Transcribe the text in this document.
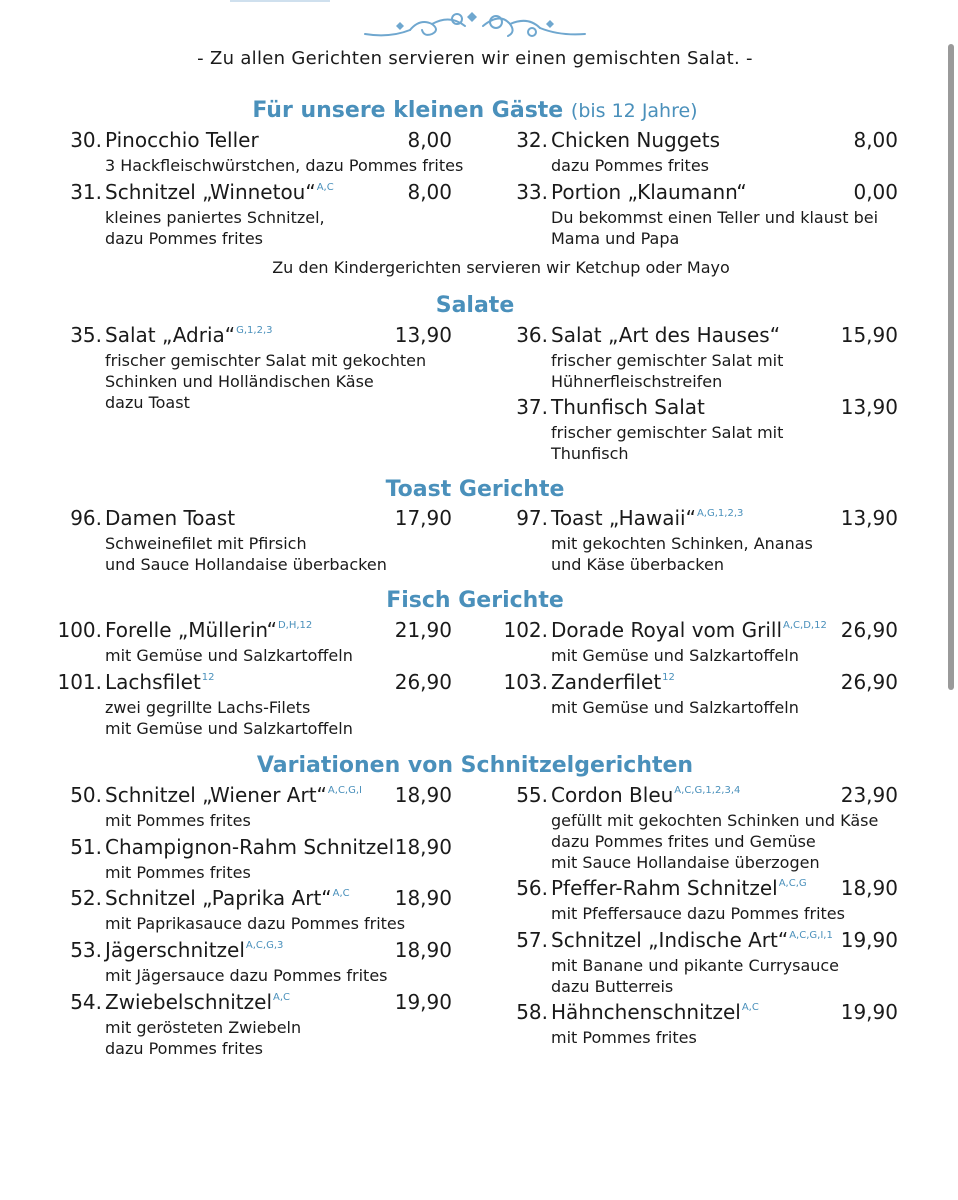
- Zu allen Gerichten servieren wir einen gemischten Salat. -
Für unsere kleinen Gäste (bis 12 Jahre)
Zu den Kindergerichten servieren wir Ketchup oder Mayo
Salate
Toast Gerichte
Fisch Gerichte
Variationen von Schnitzelgerichten
30. Pinocchio Teller	8,00
3 Hackfleischwürstchen, dazu Pommes frites
31. Schnitzel „Winnetou“$^{A,C}$	8,00
kleines paniertes Schnitzel,
dazu Pommes frites
32. Chicken Nuggets	8,00
dazu Pommes frites
33. Portion „Klaumann“	0,00
Du bekommst einen Teller und klaust bei
Mama und Papa
35. Salat „Adria“$^{G,1,2,3}$	13,90
frischer gemischter Salat mit gekochten
Schinken und Holländischen Käse
dazu Toast
36. Salat „Art des Hauses“	15,90
frischer gemischter Salat mit
Hühnerfleischstreifen
37. Thunfisch Salat	13,90
frischer gemischter Salat mit
Thunfisch
96. Damen Toast	17,90
Schweinefilet mit Pfirsich
und Sauce Hollandaise überbacken
97. Toast „Hawaii“$^{A,G,1,2,3}$	13,90
mit gekochten Schinken, Ananas
und Käse überbacken
100. Forelle „Müllerin“$^{D,H,12}$	21,90
mit Gemüse und Salzkartoffeln
101. Lachsfilet$^{12}$	26,90
zwei gegrillte Lachs-Filets
mit Gemüse und Salzkartoffeln
102. Dorade Royal vom Grill$^{A,C,D,12}$ 26,90
mit Gemüse und Salzkartoffeln
103. Zanderfilet$^{12}$	26,90
mit Gemüse und Salzkartoffeln
50. Schnitzel „Wiener Art“$^{A,C,G,I}$ 18,90
mit Pommes frites
51. Champignon-Rahm Schnitzel 18,90
mit Pommes frites
52. Schnitzel „Paprika Art“$^{A,C}$ 18,90
mit Paprikasauce dazu Pommes frites
53. Jägerschnitzel$^{A,C,G,3}$	18,90
mit Jägersauce dazu Pommes frites
54. Zwiebelschnitzel$^{A,C}$	19,90
mit gerösteten Zwiebeln
dazu Pommes frites
55. Cordon Bleu$^{A,C,G,1,2,3,4}$	23,90
gefüllt mit gekochten Schinken und Käse
dazu Pommes frites und Gemüse
mit Sauce Hollandaise überzogen
56. Pfeffer-Rahm Schnitzel$^{A,C,G}$ 18,90
mit Pfeffersauce dazu Pommes frites
57. Schnitzel „Indische Art“$^{A,C,G,I,1}$ 19,90
mit Banane und pikante Currysauce
dazu Butterreis
58. Hähnchenschnitzel$^{A,C}$	19,90
mit Pommes frites
